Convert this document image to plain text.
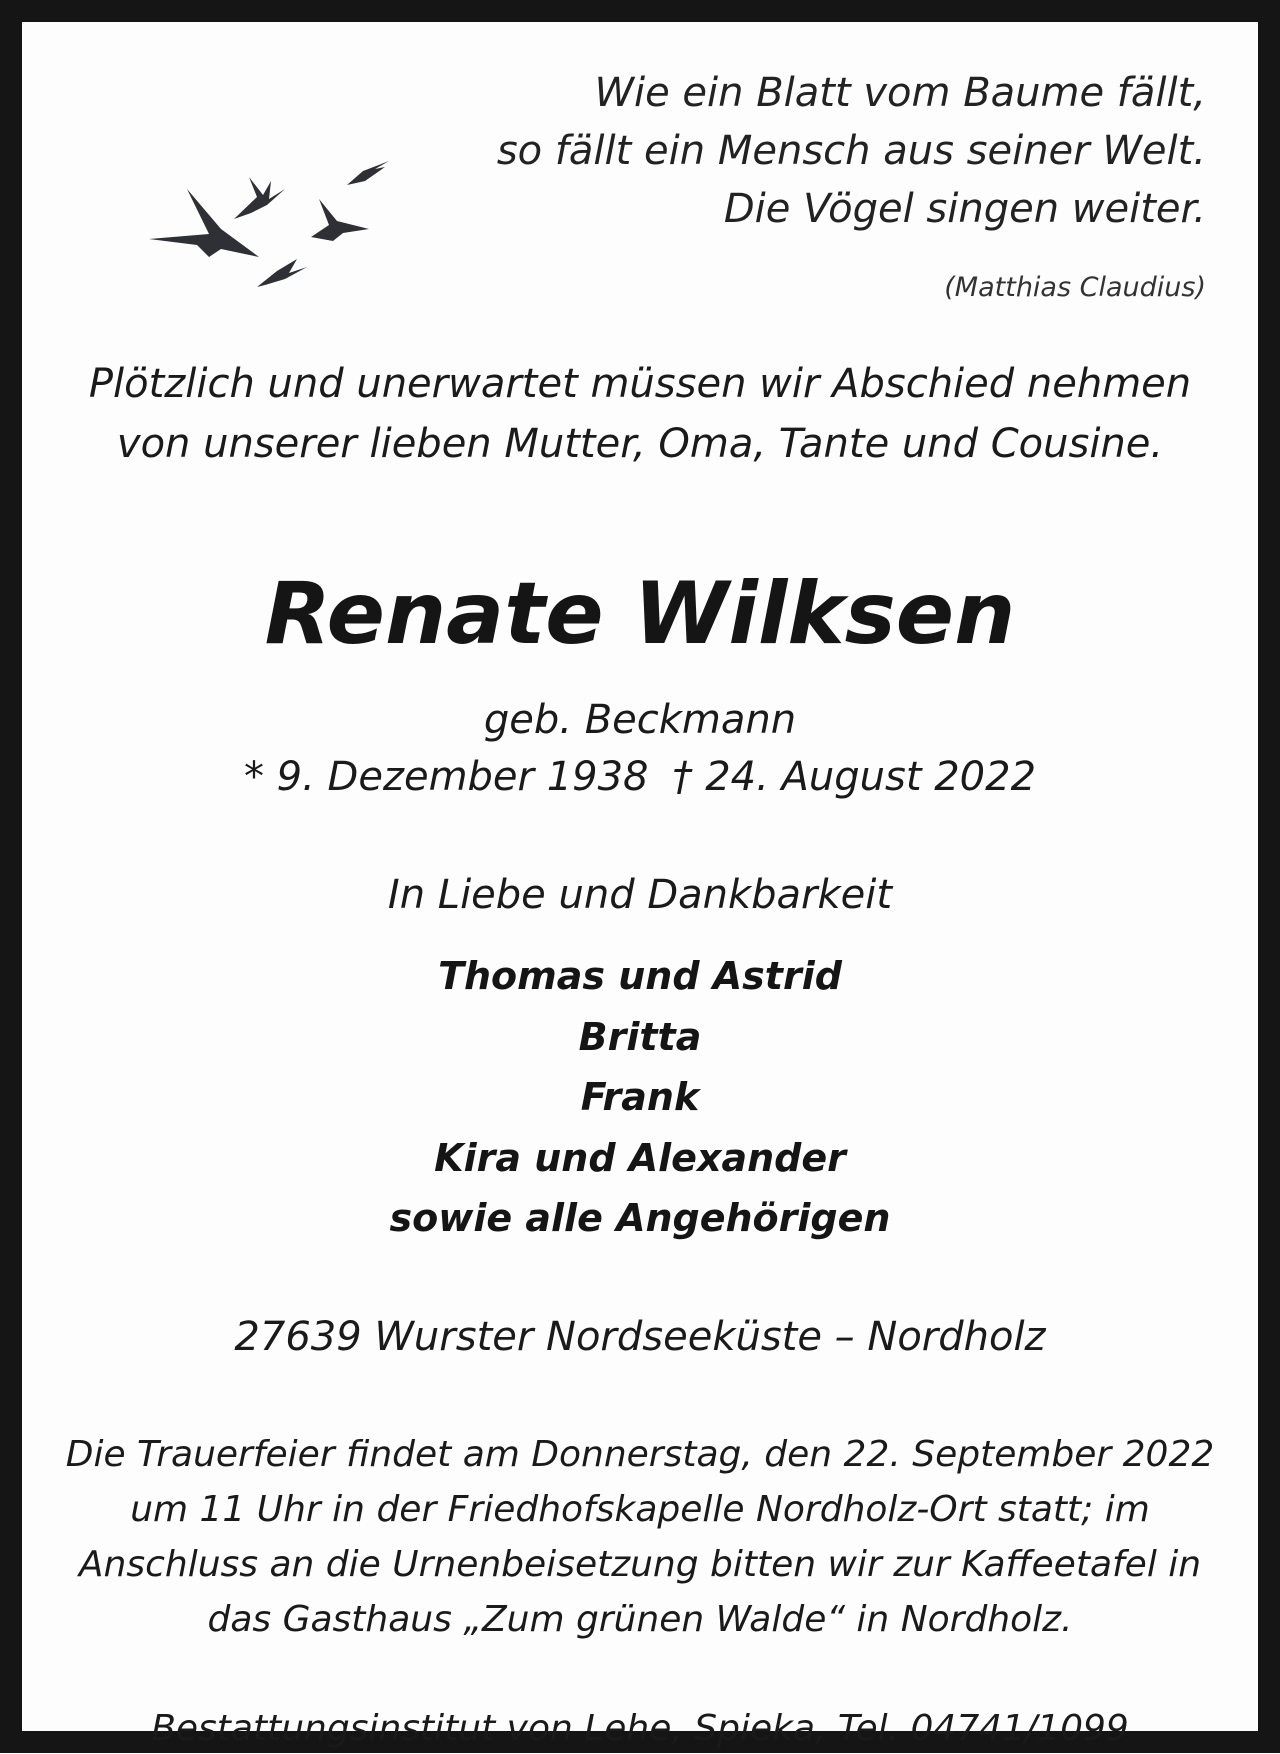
Wie ein Blatt vom Baume fällt,
so fällt ein Mensch aus seiner Welt.
Die Vögel singen weiter.
(Matthias Claudius)
Plötzlich und unerwartet müssen wir Abschied nehmen
von unserer lieben Mutter, Oma, Tante und Cousine.
Renate Wilksen
geb. Beckmann
* 9. Dezember 1938 † 24. August 2022
In Liebe und Dankbarkeit
Thomas und Astrid
Britta
Frank
Kira und Alexander
sowie alle Angehörigen
27639 Wurster Nordseeküste – Nordholz
Die Trauerfeier findet am Donnerstag, den 22. September 2022
um 11 Uhr in der Friedhofskapelle Nordholz-Ort statt; im
Anschluss an die Urnenbeisetzung bitten wir zur Kaffeetafel in
das Gasthaus „Zum grünen Walde“ in Nordholz.
Bestattungsinstitut von Lehe, Spieka, Tel. 04741/1099
